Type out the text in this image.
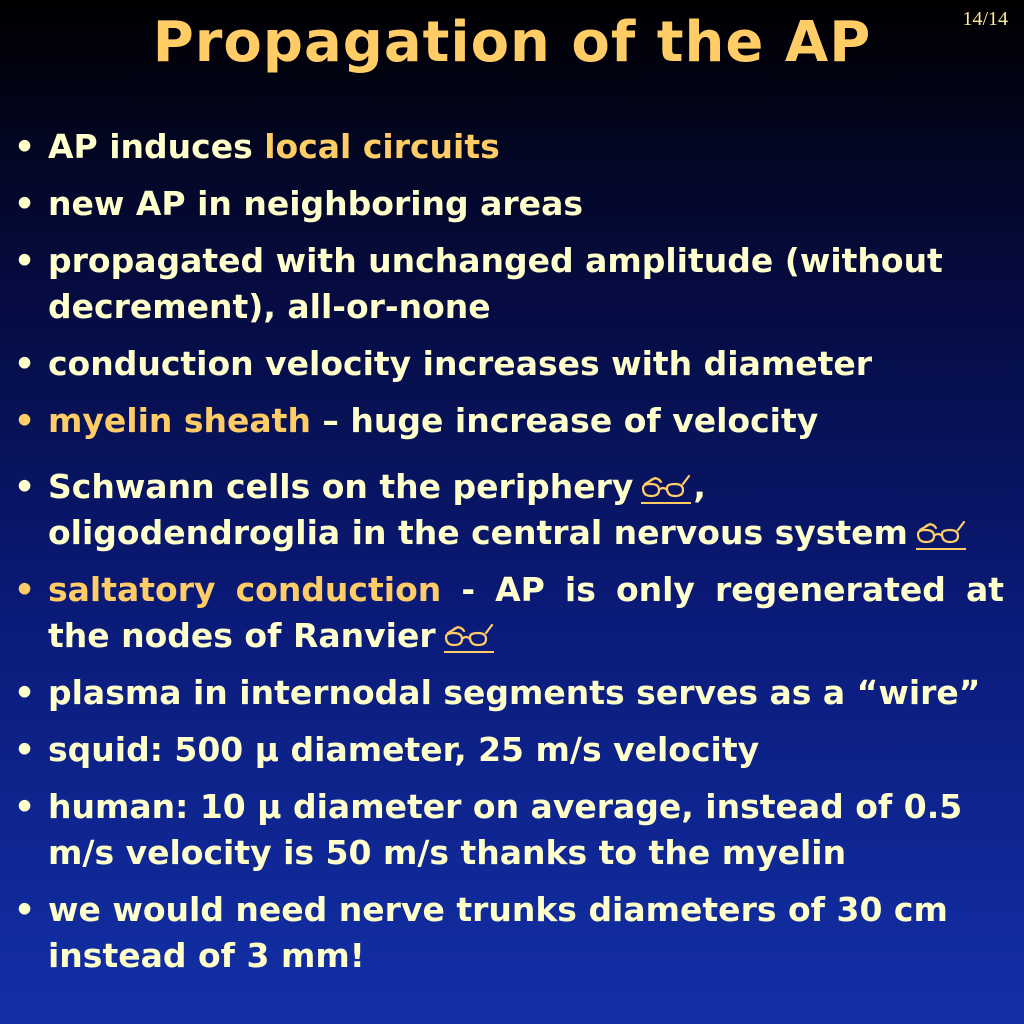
14/14
Propagation of the AP
• AP induces local circuits
• new AP in neighboring areas
• propagated with unchanged amplitude (without decrement), all-or-none
• conduction velocity increases with diameter
• myelin sheath – huge increase of velocity
• Schwann cells on the periphery ,
oligodendroglia in the central nervous system
• saltatory conduction - AP is only regenerated at the nodes of Ranvier
• plasma in internodal segments serves as a “wire”
• squid: 500 μ diameter, 25 m/s velocity
• human: 10 μ diameter on average, instead of 0.5 m/s velocity is 50 m/s thanks to the myelin
• we would need nerve trunks diameters of 30 cm instead of 3 mm!
